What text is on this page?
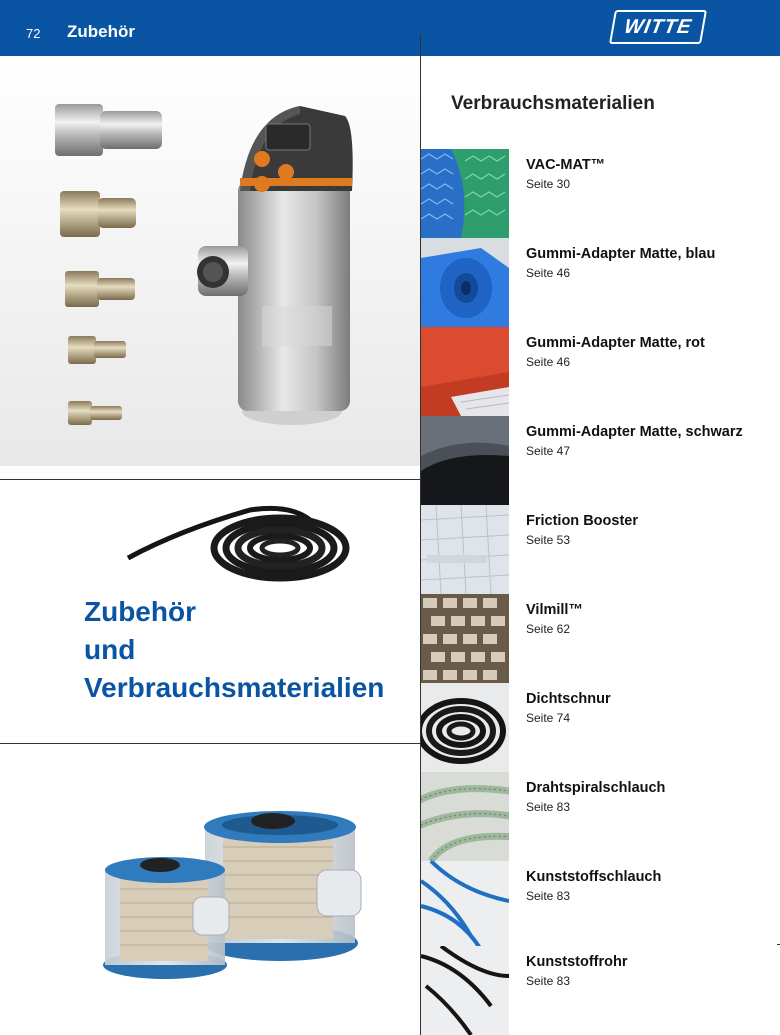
72 Zubehör	WITTE
Zubehör
und
Verbrauchsmaterialien
Verbrauchsmaterialien
VAC-MAT™
Seite 30
Gummi-Adapter Matte, blau
Seite 46
Gummi-Adapter Matte, rot
Seite 46
Gummi-Adapter Matte, schwarz
Seite 47
Friction Booster
Seite 53
Vilmill™
Seite 62
Dichtschnur
Seite 74
Drahtspiralschlauch
Seite 83
Kunststoffschlauch
Seite 83
Kunststoffrohr
Seite 83
